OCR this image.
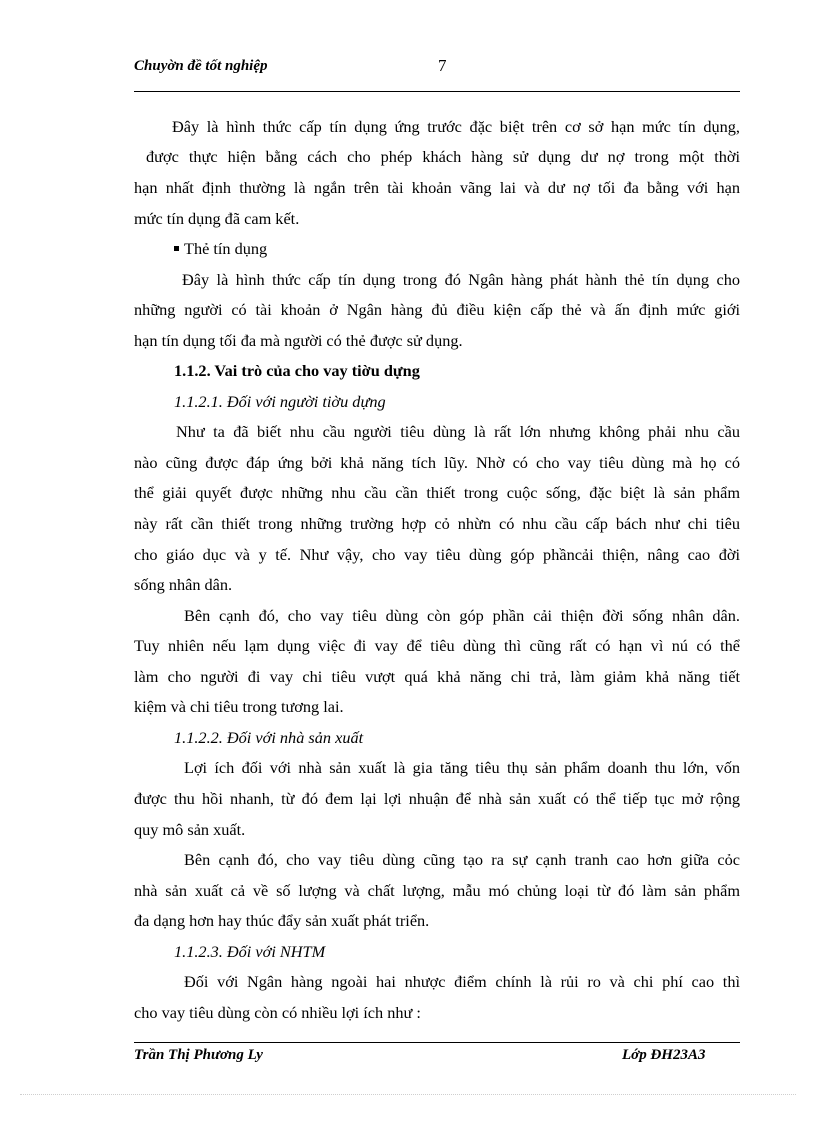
Chuyờn đề tốt nghiệp	7
Đây là hình thức cấp tín dụng ứng trước đặc biệt trên cơ sở hạn mức tín dụng,
được thực hiện bằng cách cho phép khách hàng sử dụng dư nợ trong một thời
hạn nhất định thường là ngắn trên tài khoản vãng lai và dư nợ tối đa bằng với hạn
mức tín dụng đã cam kết.
Thẻ tín dụng
Đây là hình thức cấp tín dụng trong đó Ngân hàng phát hành thẻ tín dụng cho
những người có tài khoản ở Ngân hàng đủ điều kiện cấp thẻ và ấn định mức giới
hạn tín dụng tối đa mà người có thẻ được sử dụng.
1.1.2. Vai trò của cho vay tiờu dựng
1.1.2.1. Đối với người tiờu dựng
Như ta đã biết nhu cầu người tiêu dùng là rất lớn nhưng không phải nhu cầu
nào cũng được đáp ứng bởi khả năng tích lũy. Nhờ có cho vay tiêu dùng mà họ có
thể giải quyết được những nhu cầu cần thiết trong cuộc sống, đặc biệt là sản phẩm
này rất cần thiết trong những trường hợp cỏ nhừn có nhu cầu cấp bách như chi tiêu
cho giáo dục và y tế. Như vậy, cho vay tiêu dùng góp phầncải thiện, nâng cao đời
sống nhân dân.
Bên cạnh đó, cho vay tiêu dùng còn góp phần cải thiện đời sống nhân dân.
Tuy nhiên nếu lạm dụng việc đi vay để tiêu dùng thì cũng rất có hạn vì nú có thể
làm cho người đi vay chi tiêu vượt quá khả năng chi trả, làm giảm khả năng tiết
kiệm và chi tiêu trong tương lai.
1.1.2.2. Đối với nhà sản xuất
Lợi ích đối với nhà sản xuất là gia tăng tiêu thụ sản phẩm doanh thu lớn, vốn
được thu hồi nhanh, từ đó đem lại lợi nhuận để nhà sản xuất có thể tiếp tục mở rộng
quy mô sản xuất.
Bên cạnh đó, cho vay tiêu dùng cũng tạo ra sự cạnh tranh cao hơn giữa cỏc
nhà sản xuất cả về số lượng và chất lượng, mẫu mó chủng loại từ đó làm sản phẩm
đa dạng hơn hay thúc đẩy sản xuất phát triển.
1.1.2.3. Đối với NHTM
Đối với Ngân hàng ngoài hai nhược điểm chính là rủi ro và chi phí cao thì
cho vay tiêu dùng còn có nhiều lợi ích như :
Trần Thị Phương Ly	Lớp ĐH23A3
